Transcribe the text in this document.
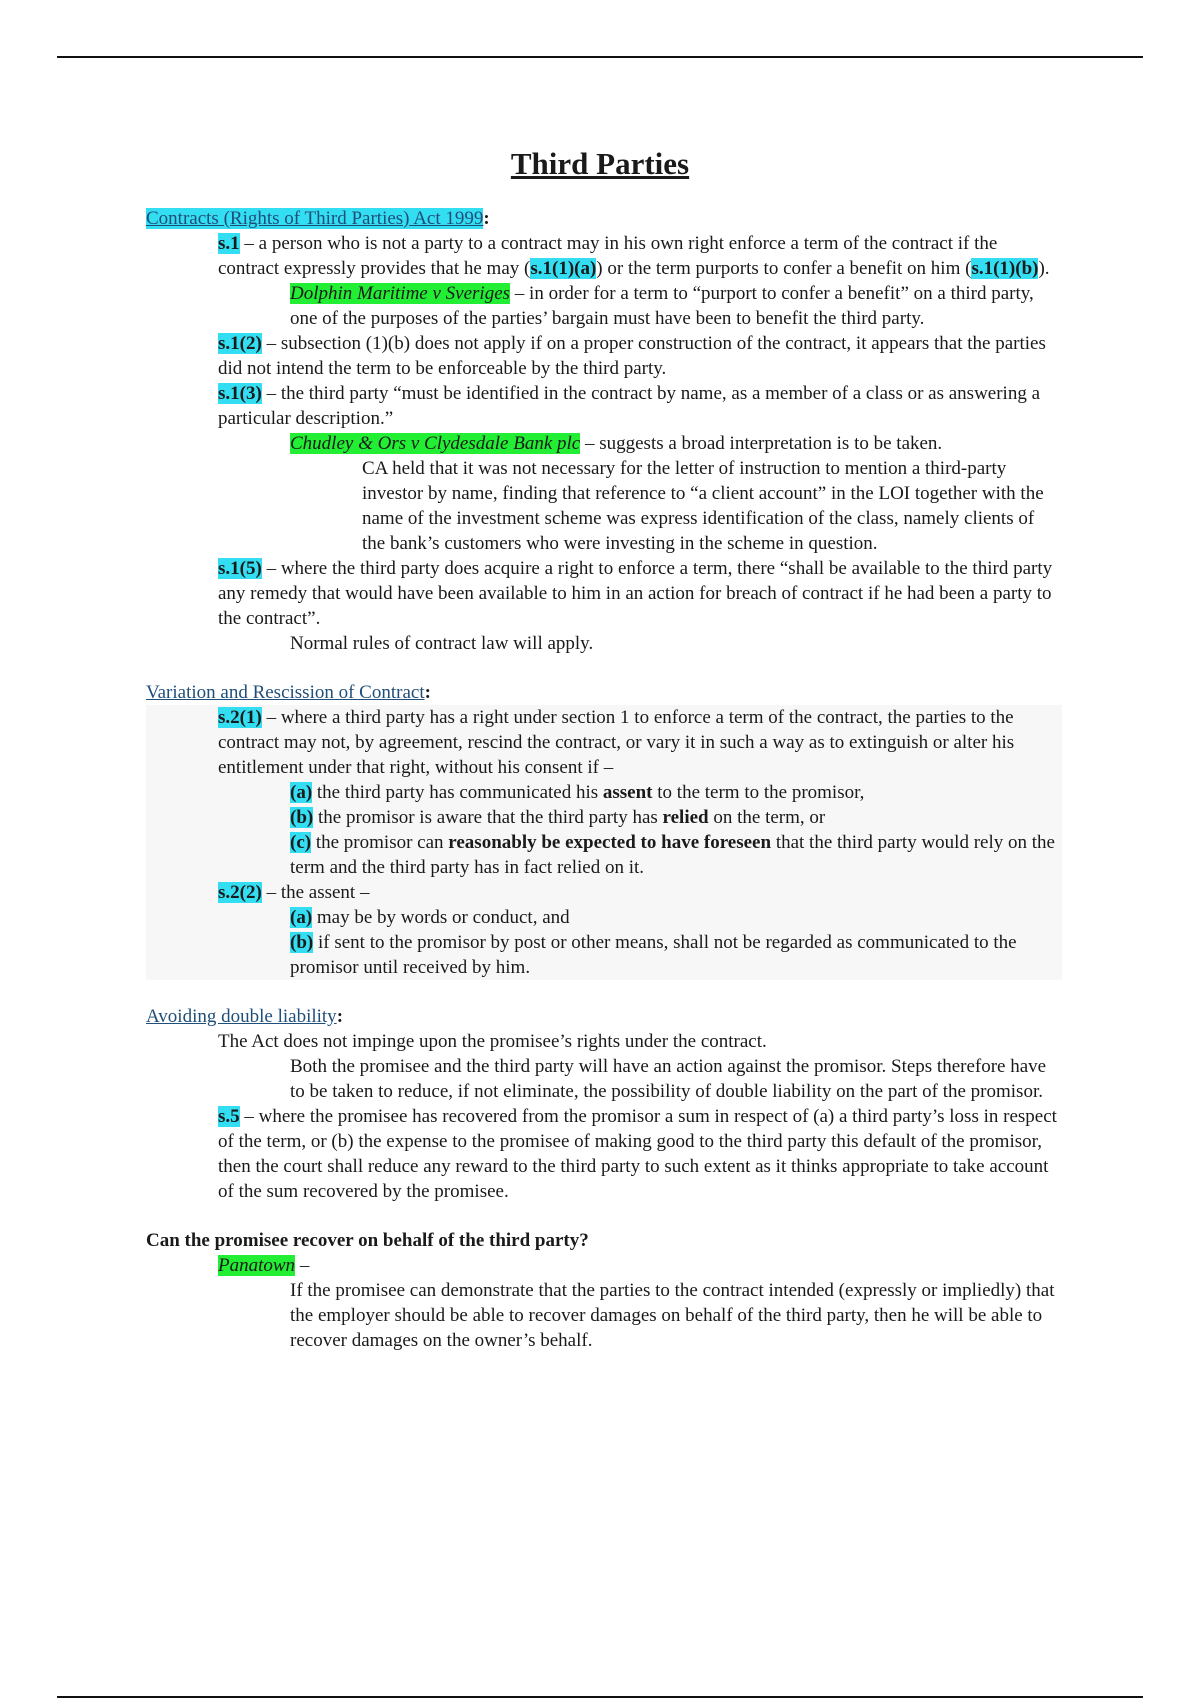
Third Parties

Contracts (Rights of Third Parties) Act 1999:

s.1 – a person who is not a party to a contract may in his own right enforce a term of the contract if the contract expressly provides that he may (s.1(1)(a)) or the term purports to confer a benefit on him (s.1(1)(b)).

Dolphin Maritime v Sveriges – in order for a term to “purport to confer a benefit” on a third party, one of the purposes of the parties’ bargain must have been to benefit the third party.

s.1(2) – subsection (1)(b) does not apply if on a proper construction of the contract, it appears that the parties did not intend the term to be enforceable by the third party.

s.1(3) – the third party “must be identified in the contract by name, as a member of a class or as answering a particular description.”

Chudley & Ors v Clydesdale Bank plc – suggests a broad interpretation is to be taken.

CA held that it was not necessary for the letter of instruction to mention a third-party investor by name, finding that reference to “a client account” in the LOI together with the name of the investment scheme was express identification of the class, namely clients of the bank’s customers who were investing in the scheme in question.

s.1(5) – where the third party does acquire a right to enforce a term, there “shall be available to the third party any remedy that would have been available to him in an action for breach of contract if he had been a party to the contract”.

Normal rules of contract law will apply.

Variation and Rescission of Contract:

s.2(1) – where a third party has a right under section 1 to enforce a term of the contract, the parties to the contract may not, by agreement, rescind the contract, or vary it in such a way as to extinguish or alter his entitlement under that right, without his consent if –

(a) the third party has communicated his assent to the term to the promisor,

(b) the promisor is aware that the third party has relied on the term, or

(c) the promisor can reasonably be expected to have foreseen that the third party would rely on the term and the third party has in fact relied on it.

s.2(2) – the assent –

(a) may be by words or conduct, and

(b) if sent to the promisor by post or other means, shall not be regarded as communicated to the promisor until received by him.

Avoiding double liability:

The Act does not impinge upon the promisee’s rights under the contract.

Both the promisee and the third party will have an action against the promisor. Steps therefore have to be taken to reduce, if not eliminate, the possibility of double liability on the part of the promisor.

s.5 – where the promisee has recovered from the promisor a sum in respect of (a) a third party’s loss in respect of the term, or (b) the expense to the promisee of making good to the third party this default of the promisor, then the court shall reduce any reward to the third party to such extent as it thinks appropriate to take account of the sum recovered by the promisee.

Can the promisee recover on behalf of the third party?

Panatown –

If the promisee can demonstrate that the parties to the contract intended (expressly or impliedly) that the employer should be able to recover damages on behalf of the third party, then he will be able to recover damages on the owner’s behalf.
